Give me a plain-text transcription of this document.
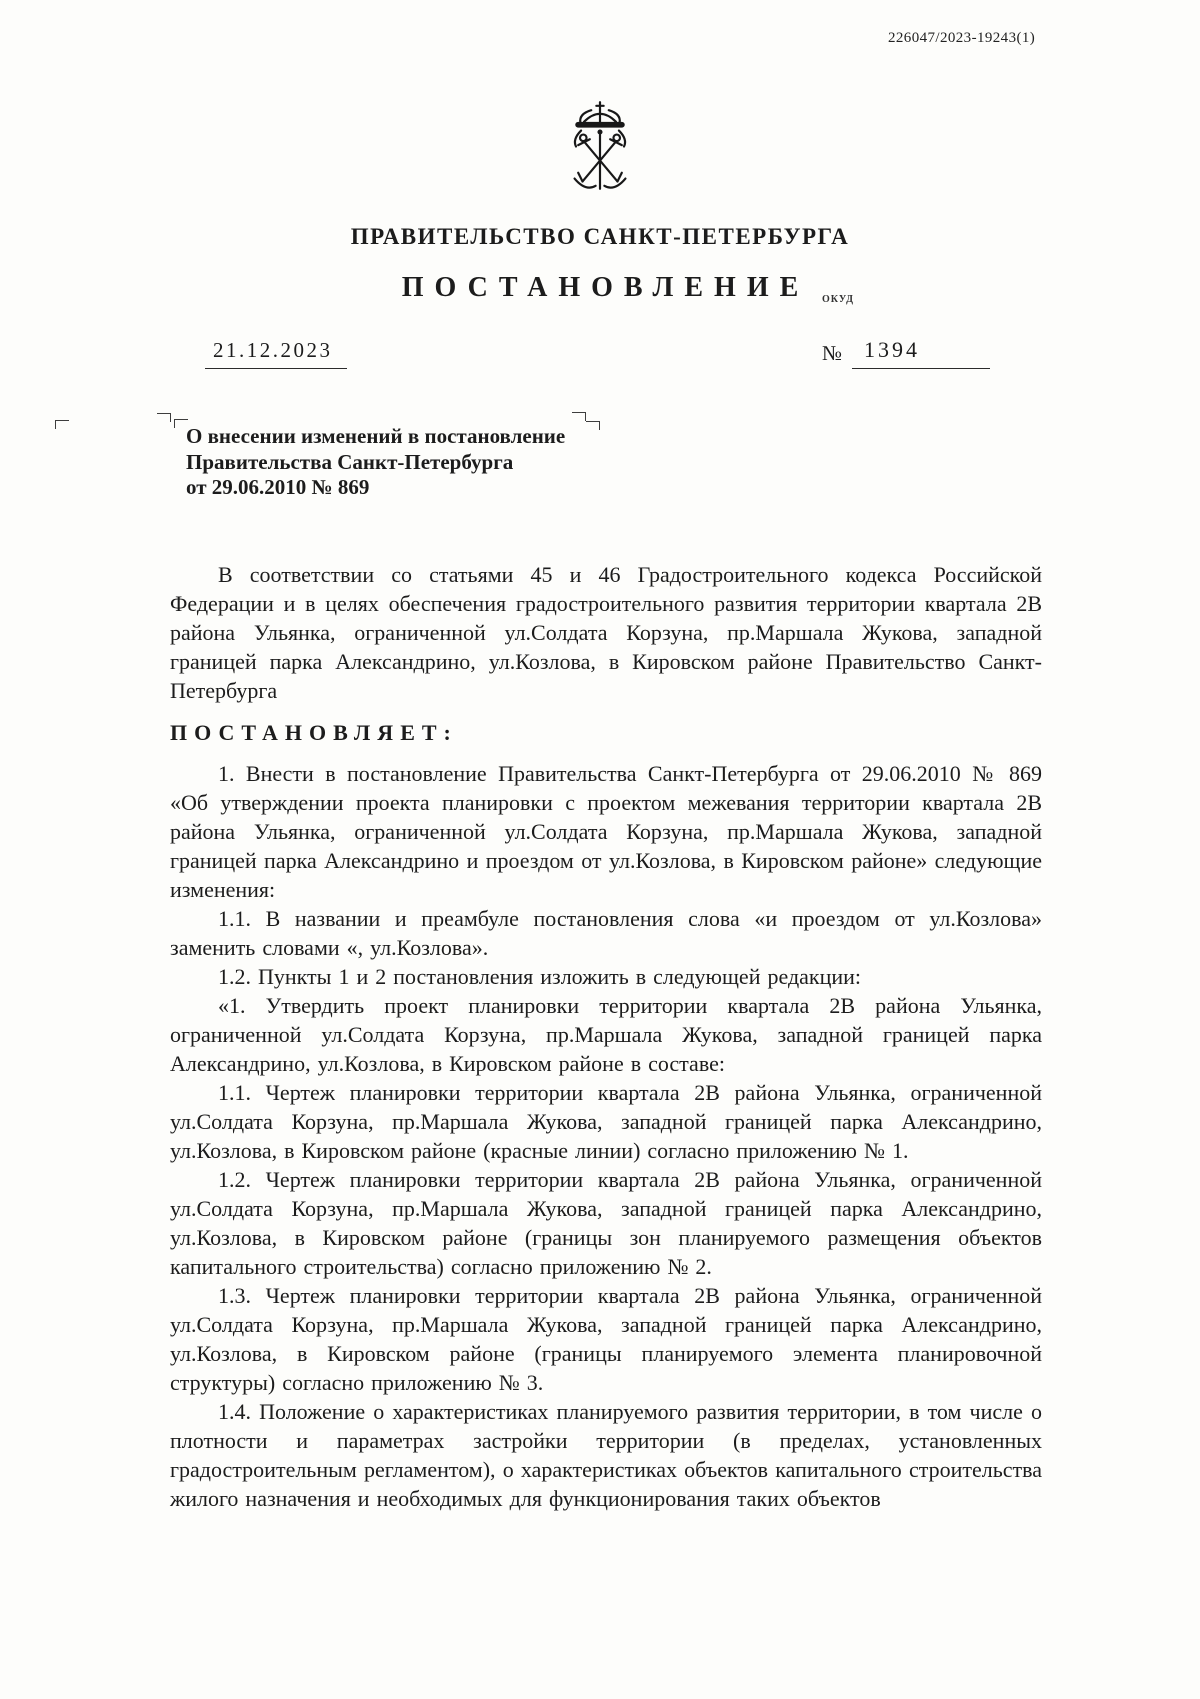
226047/2023-19243(1)
ПРАВИТЕЛЬСТВО САНКТ-ПЕТЕРБУРГА
ПОСТАНОВЛЕНИЕ	ОКУД
21.12.2023	№ 1394
О внесении изменений в постановление
Правительства Санкт-Петербурга
от 29.06.2010 № 869

В соответствии со статьями 45 и 46 Градостроительного кодекса Российской Федерации и в целях обеспечения градостроительного развития территории квартала 2В района Ульянка, ограниченной ул.Солдата Корзуна, пр.Маршала Жукова, западной границей парка Александрино, ул.Козлова, в Кировском районе Правительство Санкт-Петербурга

ПОСТАНОВЛЯЕТ:

1. Внести в постановление Правительства Санкт-Петербурга от 29.06.2010 № 869 «Об утверждении проекта планировки с проектом межевания территории квартала 2В района Ульянка, ограниченной ул.Солдата Корзуна, пр.Маршала Жукова, западной границей парка Александрино и проездом от ул.Козлова, в Кировском районе» следующие изменения:

1.1. В названии и преамбуле постановления слова «и проездом от ул.Козлова» заменить словами «, ул.Козлова».

1.2. Пункты 1 и 2 постановления изложить в следующей редакции:

«1. Утвердить проект планировки территории квартала 2В района Ульянка, ограниченной ул.Солдата Корзуна, пр.Маршала Жукова, западной границей парка Александрино, ул.Козлова, в Кировском районе в составе:

1.1. Чертеж планировки территории квартала 2В района Ульянка, ограниченной ул.Солдата Корзуна, пр.Маршала Жукова, западной границей парка Александрино, ул.Козлова, в Кировском районе (красные линии) согласно приложению № 1.

1.2. Чертеж планировки территории квартала 2В района Ульянка, ограниченной ул.Солдата Корзуна, пр.Маршала Жукова, западной границей парка Александрино, ул.Козлова, в Кировском районе (границы зон планируемого размещения объектов капитального строительства) согласно приложению № 2.

1.3. Чертеж планировки территории квартала 2В района Ульянка, ограниченной ул.Солдата Корзуна, пр.Маршала Жукова, западной границей парка Александрино, ул.Козлова, в Кировском районе (границы планируемого элемента планировочной структуры) согласно приложению № 3.

1.4. Положение о характеристиках планируемого развития территории, в том числе о плотности и параметрах застройки территории (в пределах, установленных градостроительным регламентом), о характеристиках объектов капитального строительства жилого назначения и необходимых для функционирования таких объектов
